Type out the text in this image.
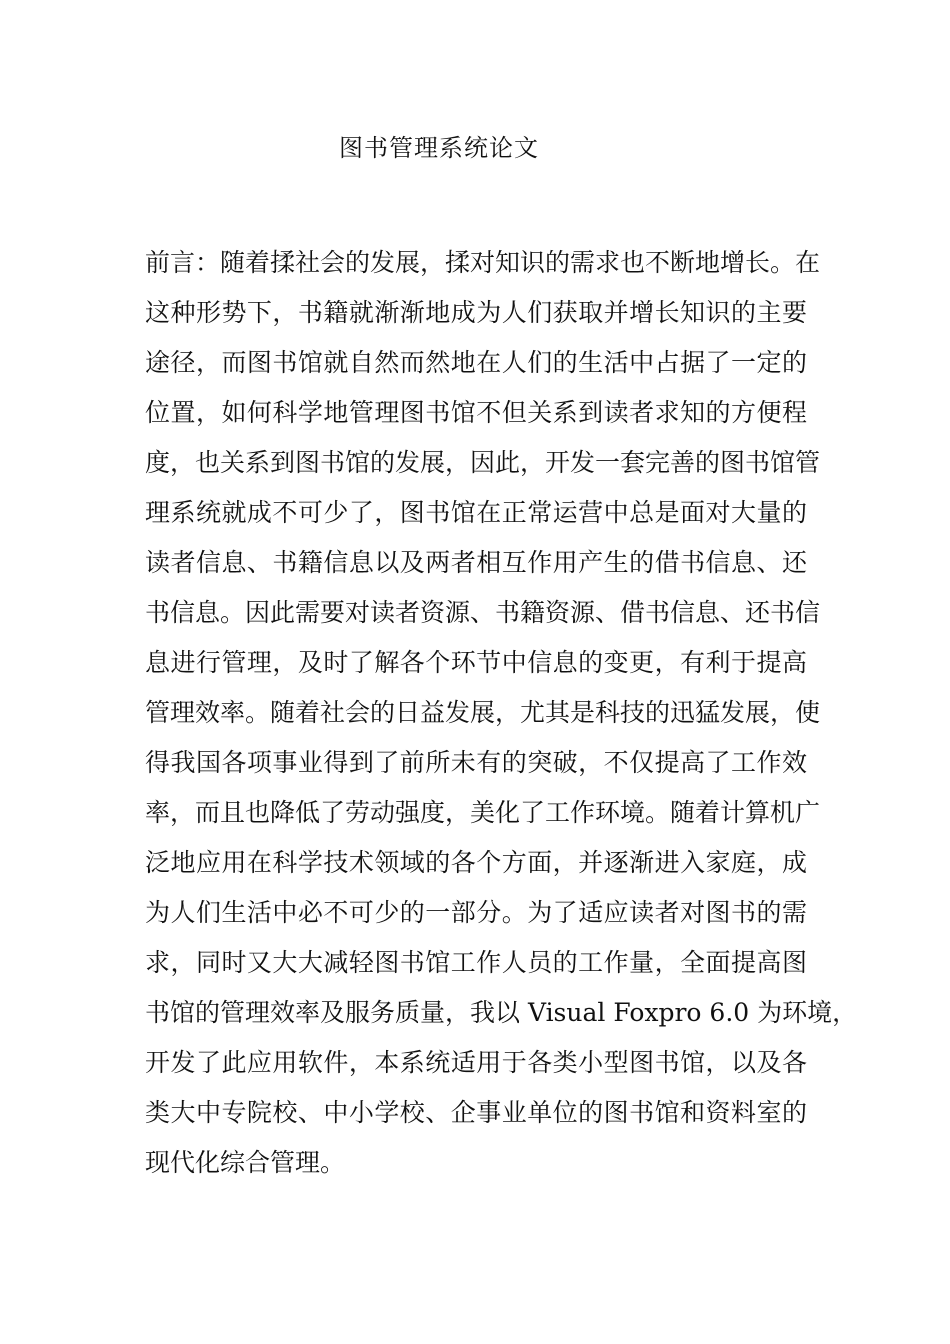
图书管理系统论文
前言：随着揉社会的发展，揉对知识的需求也不断地增长。在
这种形势下，书籍就渐渐地成为人们获取并增长知识的主要
途径，而图书馆就自然而然地在人们的生活中占据了一定的
位置，如何科学地管理图书馆不但关系到读者求知的方便程
度，也关系到图书馆的发展，因此，开发一套完善的图书馆管
理系统就成不可少了，图书馆在正常运营中总是面对大量的
读者信息、书籍信息以及两者相互作用产生的借书信息、还
书信息。因此需要对读者资源、书籍资源、借书信息、还书信
息进行管理，及时了解各个环节中信息的变更，有利于提高
管理效率。随着社会的日益发展，尤其是科技的迅猛发展，使
得我国各项事业得到了前所未有的突破，不仅提高了工作效
率，而且也降低了劳动强度，美化了工作环境。随着计算机广
泛地应用在科学技术领域的各个方面，并逐渐进入家庭，成
为人们生活中必不可少的一部分。为了适应读者对图书的需
求，同时又大大减轻图书馆工作人员的工作量，全面提高图
书馆的管理效率及服务质量，我以 Visual Foxpro 6.0 为环境，
开发了此应用软件，本系统适用于各类小型图书馆，以及各
类大中专院校、中小学校、企事业单位的图书馆和资料室的
现代化综合管理。
